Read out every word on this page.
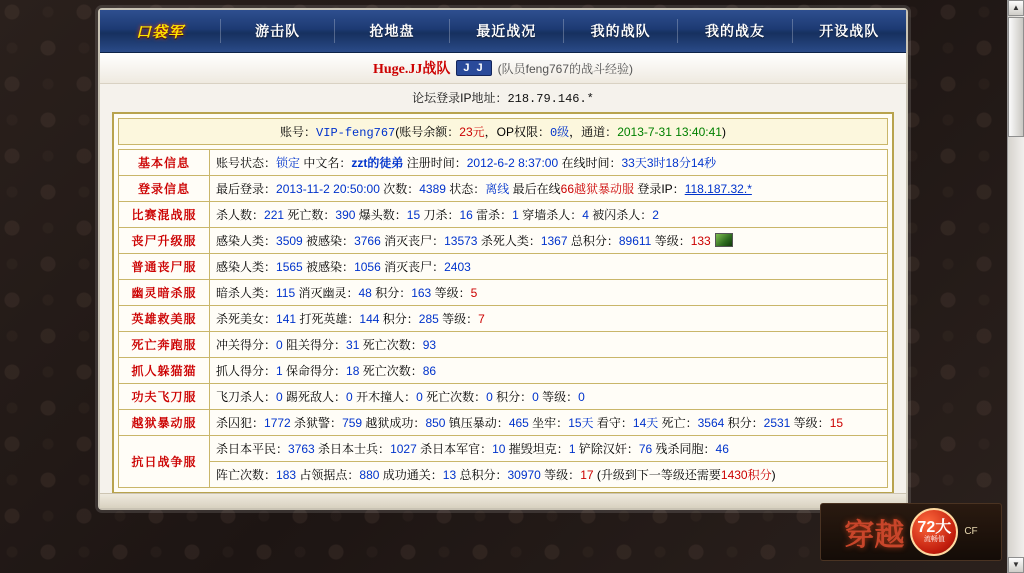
口袋军	游击队	抢地盘	最近战况	我的战队	我的战友	开设战队
Huge.JJ战队	J J	(队员feng767的战斗经验)
论坛登录IP地址：218.79.146.*
账号：VIP-feng767(账号余额：23元，OP权限：0级，通道：2013-7-31 13:40:41)
基本信息	账号状态：锁定 中文名：zzt的徒弟 注册时间：2012-6-2 8:37:00 在线时间：33天3时18分14秒
登录信息	最后登录：2013-11-2 20:50:00 次数：4389 状态：离线 最后在线66越狱暴动服 登录IP：118.187.32.*
比赛混战服	杀人数：221 死亡数：390 爆头数：15 刀杀：16 雷杀：1 穿墙杀人：4 被闪杀人：2
丧尸升级服	感染人类：3509 被感染：3766 消灭丧尸：13573 杀死人类：1367 总积分：89611 等级：133
普通丧尸服	感染人类：1565 被感染：1056 消灭丧尸：2403
幽灵暗杀服	暗杀人类：115 消灭幽灵：48 积分：163 等级：5
英雄救美服	杀死美女：141 打死英雄：144 积分：285 等级：7
死亡奔跑服	冲关得分：0 阻关得分：31 死亡次数：93
抓人躲猫猫	抓人得分：1 保命得分：18 死亡次数：86
功夫飞刀服	飞刀杀人：0 踢死敌人：0 开木撞人：0 死亡次数：0 积分：0 等级：0
越狱暴动服	杀囚犯：1772 杀狱警：759 越狱成功：850 镇压暴动：465 坐牢：15天 看守：14天 死亡：3564 积分：2531 等级：15
抗日战争服	杀日本平民：3763 杀日本士兵：1027 杀日本军官：10 摧毁坦克：1 铲除汉奸：76 残杀同胞：46
	阵亡次数：183 占领据点：880 成功通关：13 总积分：30970 等级：17 (升级到下一等级还需要1430积分)
穿越 72大
流畅值
CF
▲
▼
